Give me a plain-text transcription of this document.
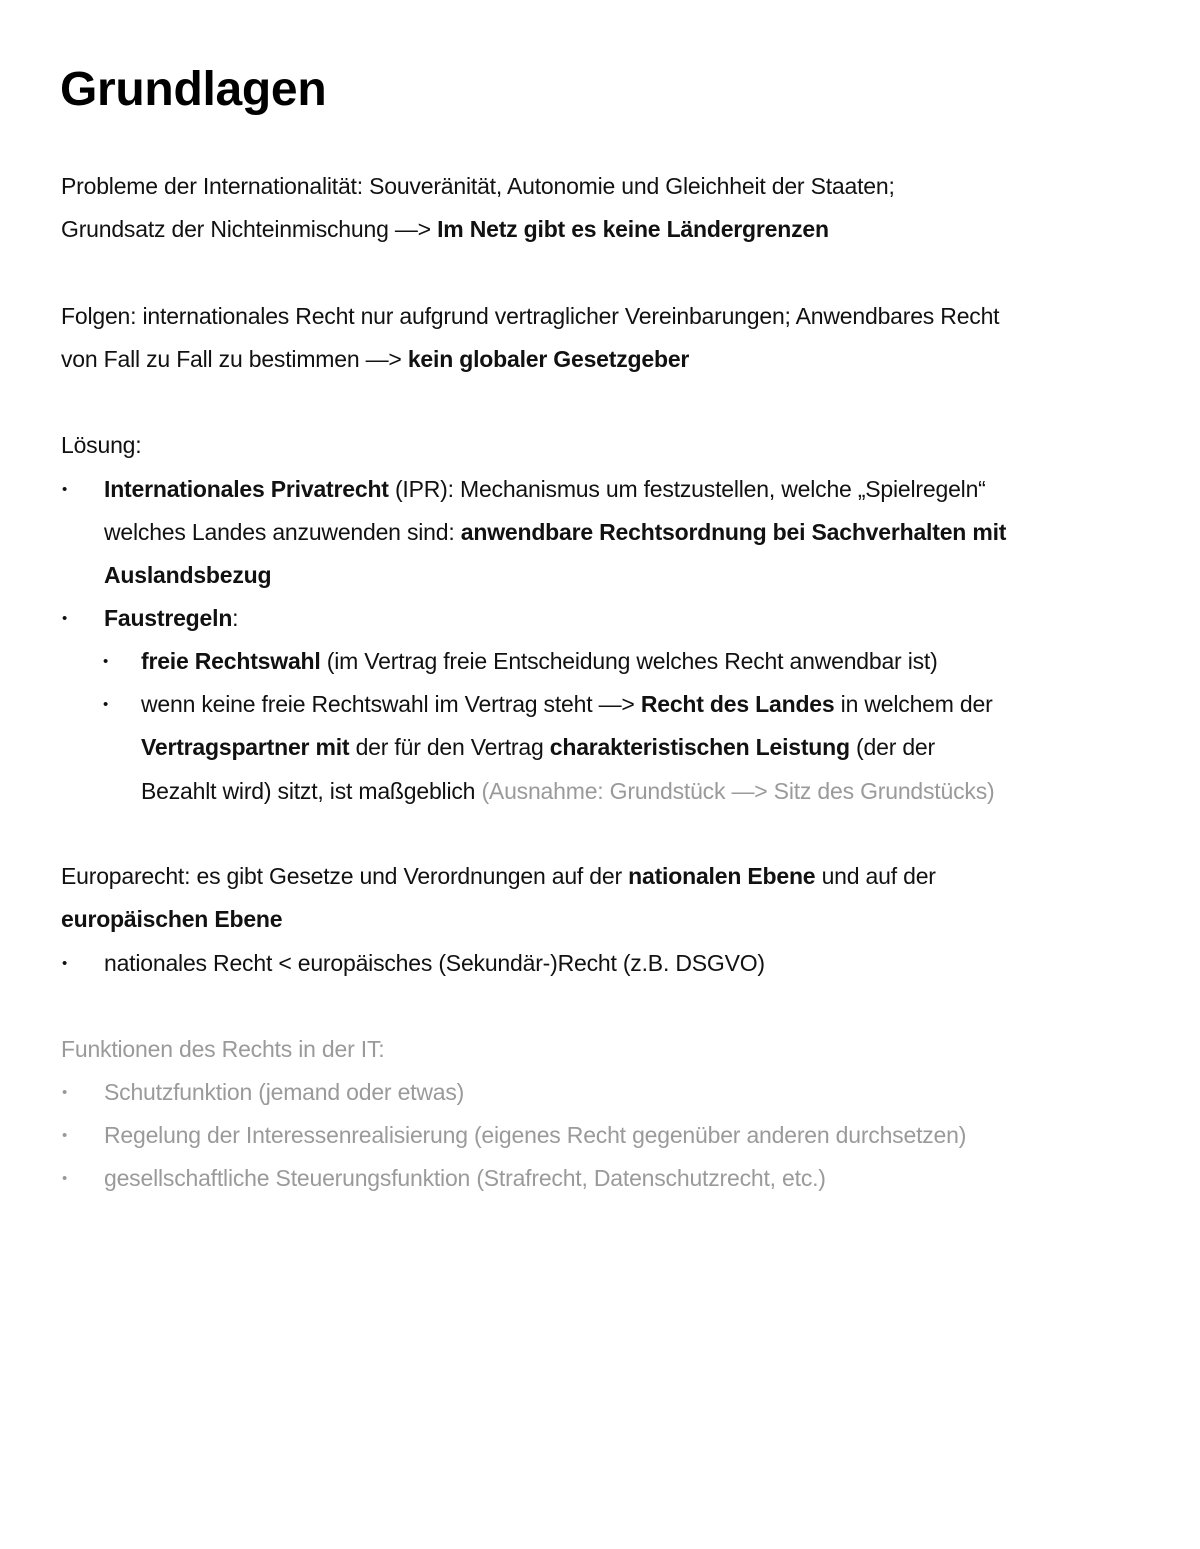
Grundlagen

Probleme der Internationalität: Souveränität, Autonomie und Gleichheit der Staaten;

Grundsatz der Nichteinmischung —> Im Netz gibt es keine Ländergrenzen

Folgen: internationales Recht nur aufgrund vertraglicher Vereinbarungen; Anwendbares Recht

von Fall zu Fall zu bestimmen —> kein globaler Gesetzgeber

Lösung:

• Internationales Privatrecht (IPR): Mechanismus um festzustellen, welche „Spielregeln“

welches Landes anzuwenden sind: anwendbare Rechtsordnung bei Sachverhalten mit

Auslandsbezug

• Faustregeln:

• freie Rechtswahl (im Vertrag freie Entscheidung welches Recht anwendbar ist)

• wenn keine freie Rechtswahl im Vertrag steht —> Recht des Landes in welchem der

Vertragspartner mit der für den Vertrag charakteristischen Leistung (der der

Bezahlt wird) sitzt, ist maßgeblich (Ausnahme: Grundstück —> Sitz des Grundstücks)

Europarecht: es gibt Gesetze und Verordnungen auf der nationalen Ebene und auf der

europäischen Ebene

• nationales Recht < europäisches (Sekundär-)Recht (z.B. DSGVO)

Funktionen des Rechts in der IT:

• Schutzfunktion (jemand oder etwas)

• Regelung der Interessenrealisierung (eigenes Recht gegenüber anderen durchsetzen)

• gesellschaftliche Steuerungsfunktion (Strafrecht, Datenschutzrecht, etc.)
